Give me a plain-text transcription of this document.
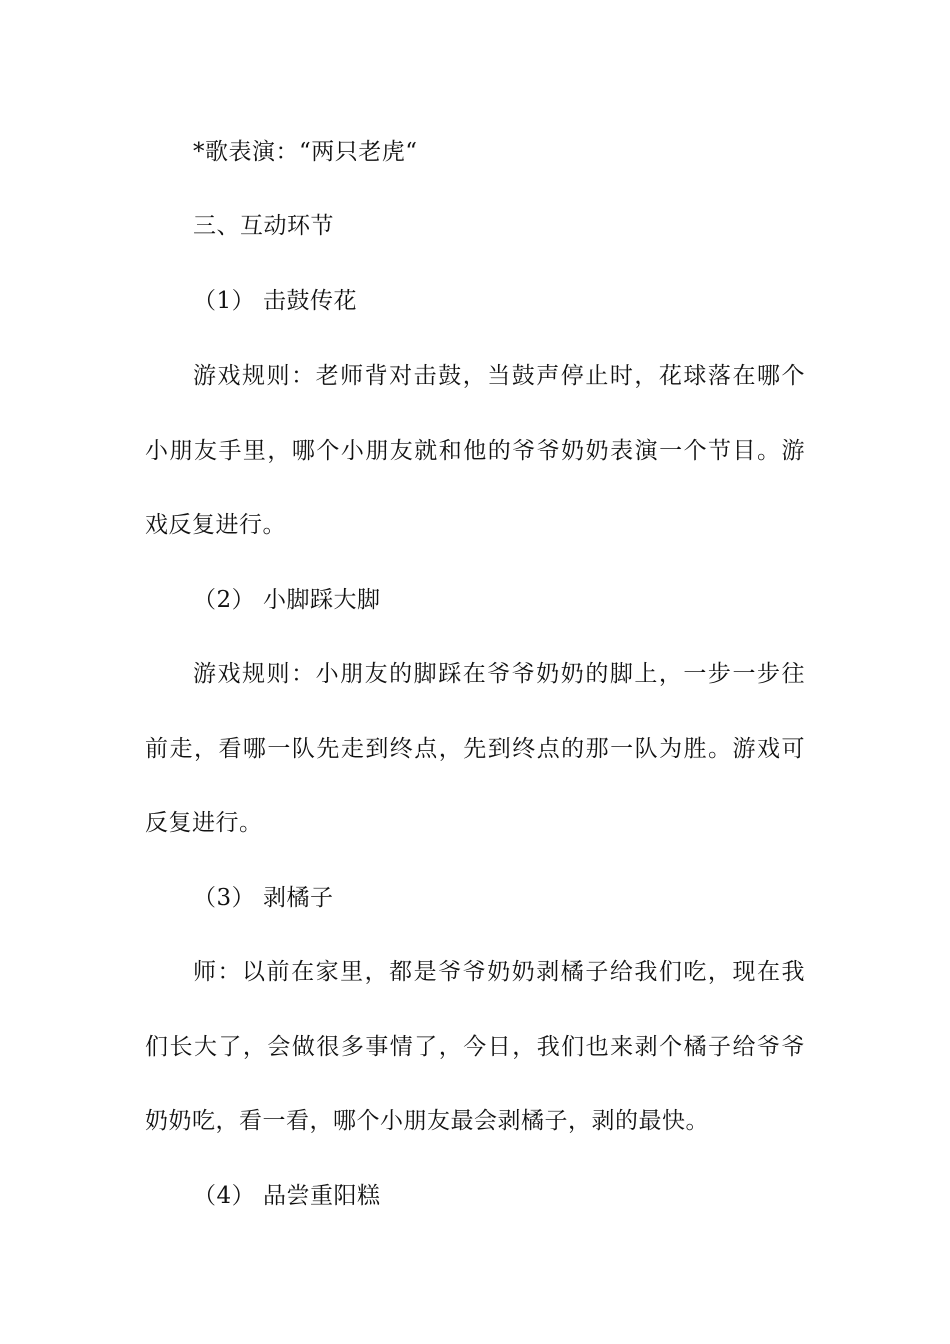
*歌表演：“两只老虎“
三、互动环节
（1） 击鼓传花
游戏规则：老师背对击鼓，当鼓声停止时，花球落在哪个
小朋友手里，哪个小朋友就和他的爷爷奶奶表演一个节目。游
戏反复进行。
（2） 小脚踩大脚
游戏规则：小朋友的脚踩在爷爷奶奶的脚上，一步一步往
前走，看哪一队先走到终点，先到终点的那一队为胜。游戏可
反复进行。
（3） 剥橘子
师：以前在家里，都是爷爷奶奶剥橘子给我们吃，现在我
们长大了，会做很多事情了，今日，我们也来剥个橘子给爷爷
奶奶吃，看一看，哪个小朋友最会剥橘子，剥的最快。
（4） 品尝重阳糕
